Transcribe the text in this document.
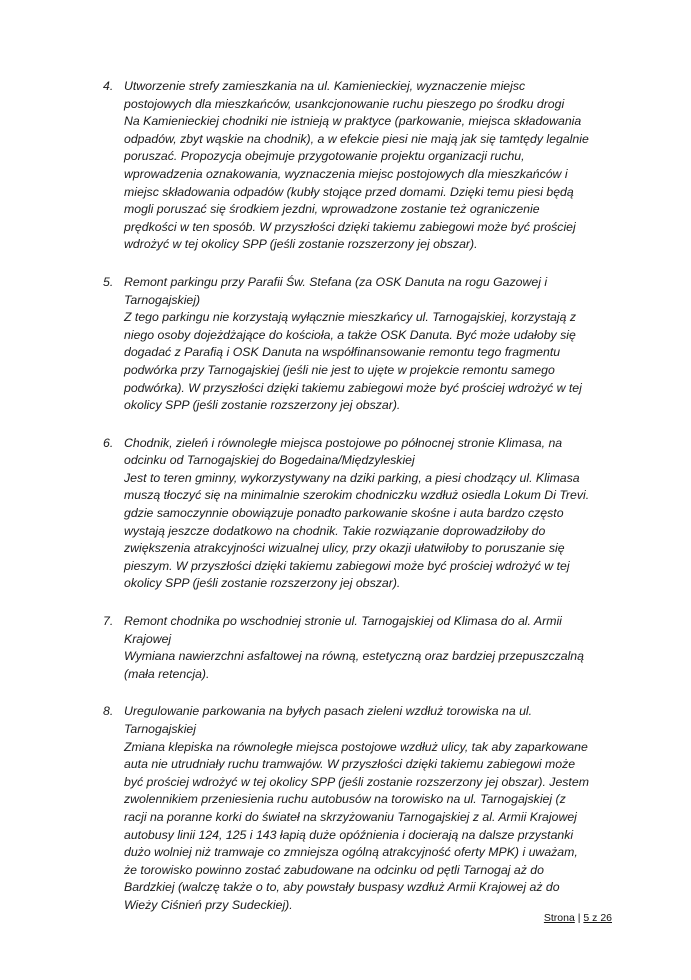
4. Utworzenie strefy zamieszkania na ul. Kamienieckiej, wyznaczenie miejsc
postojowych dla mieszkańców, usankcjonowanie ruchu pieszego po środku drogi
Na Kamienieckiej chodniki nie istnieją w praktyce (parkowanie, miejsca składowania
odpadów, zbyt wąskie na chodnik), a w efekcie piesi nie mają jak się tamtędy legalnie
poruszać. Propozycja obejmuje przygotowanie projektu organizacji ruchu,
wprowadzenia oznakowania, wyznaczenia miejsc postojowych dla mieszkańców i
miejsc składowania odpadów (kubły stojące przed domami. Dzięki temu piesi będą
mogli poruszać się środkiem jezdni, wprowadzone zostanie też ograniczenie
prędkości w ten sposób. W przyszłości dzięki takiemu zabiegowi może być prościej
wdrożyć w tej okolicy SPP (jeśli zostanie rozszerzony jej obszar).
5. Remont parkingu przy Parafii Św. Stefana (za OSK Danuta na rogu Gazowej i
Tarnogajskiej)
Z tego parkingu nie korzystają wyłącznie mieszkańcy ul. Tarnogajskiej, korzystają z
niego osoby dojeżdżające do kościoła, a także OSK Danuta. Być może udałoby się
dogadać z Parafią i OSK Danuta na współfinansowanie remontu tego fragmentu
podwórka przy Tarnogajskiej (jeśli nie jest to ujęte w projekcie remontu samego
podwórka). W przyszłości dzięki takiemu zabiegowi może być prościej wdrożyć w tej
okolicy SPP (jeśli zostanie rozszerzony jej obszar).
6. Chodnik, zieleń i równoległe miejsca postojowe po północnej stronie Klimasa, na
odcinku od Tarnogajskiej do Bogedaina/Międzyleskiej
Jest to teren gminny, wykorzystywany na dziki parking, a piesi chodzący ul. Klimasa
muszą tłoczyć się na minimalnie szerokim chodniczku wzdłuż osiedla Lokum Di Trevi.
gdzie samoczynnie obowiązuje ponadto parkowanie skośne i auta bardzo często
wystają jeszcze dodatkowo na chodnik. Takie rozwiązanie doprowadziłoby do
zwiększenia atrakcyjności wizualnej ulicy, przy okazji ułatwiłoby to poruszanie się
pieszym. W przyszłości dzięki takiemu zabiegowi może być prościej wdrożyć w tej
okolicy SPP (jeśli zostanie rozszerzony jej obszar).
7. Remont chodnika po wschodniej stronie ul. Tarnogajskiej od Klimasa do al. Armii
Krajowej
Wymiana nawierzchni asfaltowej na równą, estetyczną oraz bardziej przepuszczalną
(mała retencja).
8. Uregulowanie parkowania na byłych pasach zieleni wzdłuż torowiska na ul.
Tarnogajskiej
Zmiana klepiska na równoległe miejsca postojowe wzdłuż ulicy, tak aby zaparkowane
auta nie utrudniały ruchu tramwajów. W przyszłości dzięki takiemu zabiegowi może
być prościej wdrożyć w tej okolicy SPP (jeśli zostanie rozszerzony jej obszar). Jestem
zwolennikiem przeniesienia ruchu autobusów na torowisko na ul. Tarnogajskiej (z
racji na poranne korki do świateł na skrzyżowaniu Tarnogajskiej z al. Armii Krajowej
autobusy linii 124, 125 i 143 łapią duże opóźnienia i docierają na dalsze przystanki
dużo wolniej niż tramwaje co zmniejsza ogólną atrakcyjność oferty MPK) i uważam,
że torowisko powinno zostać zabudowane na odcinku od pętli Tarnogaj aż do
Bardzkiej (walczę także o to, aby powstały buspasy wzdłuż Armii Krajowej aż do
Wieży Ciśnień przy Sudeckiej).
Strona | 5 z 26
